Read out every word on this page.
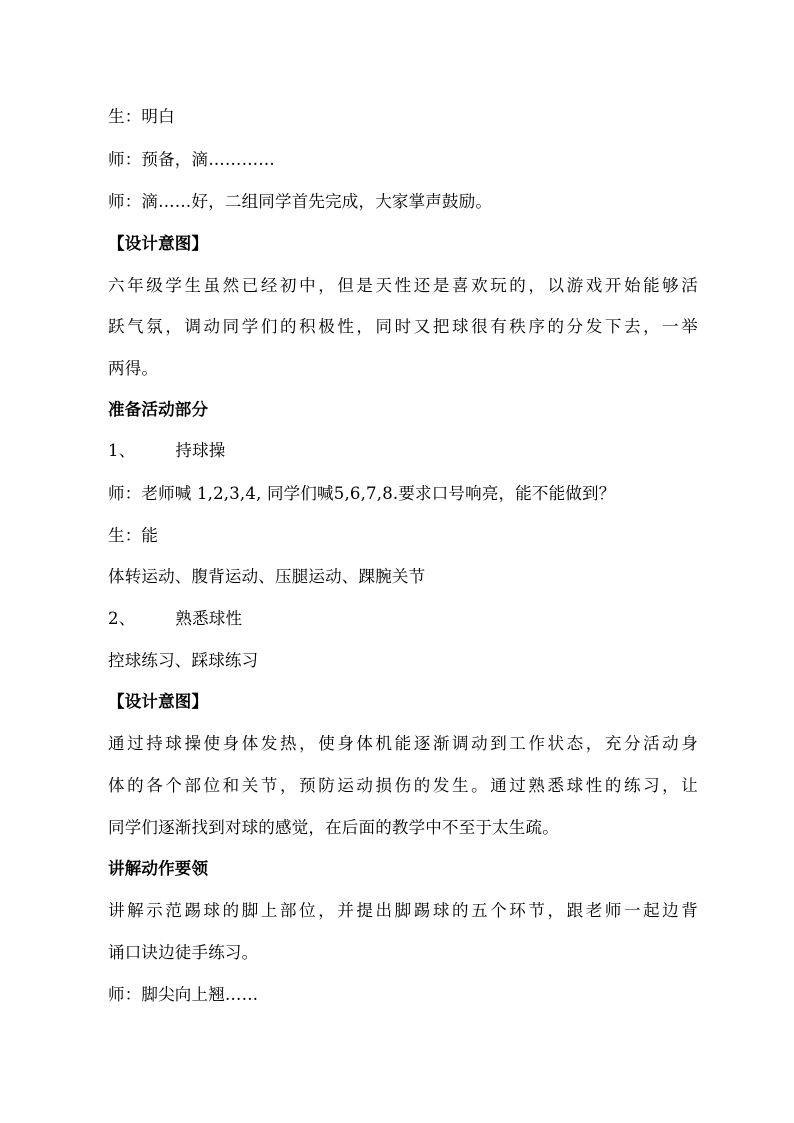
生：明白
师：预备，滴…………
师：滴……好，二组同学首先完成，大家掌声鼓励。
【设计意图】
六年级学生虽然已经初中，但是天性还是喜欢玩的，以游戏开始能够活
跃气氛，调动同学们的积极性，同时又把球很有秩序的分发下去，一举
两得。
准备活动部分
1、 持球操
师：老师喊 1,2,3,4, 同学们喊5,6,7,8.要求口号响亮，能不能做到？
生：能
体转运动、腹背运动、压腿运动、踝腕关节
2、 熟悉球性
控球练习、踩球练习
【设计意图】
通过持球操使身体发热，使身体机能逐渐调动到工作状态，充分活动身
体的各个部位和关节，预防运动损伤的发生。通过熟悉球性的练习，让
同学们逐渐找到对球的感觉，在后面的教学中不至于太生疏。
讲解动作要领
讲解示范踢球的脚上部位，并提出脚踢球的五个环节，跟老师一起边背
诵口诀边徒手练习。
师：脚尖向上翘……
